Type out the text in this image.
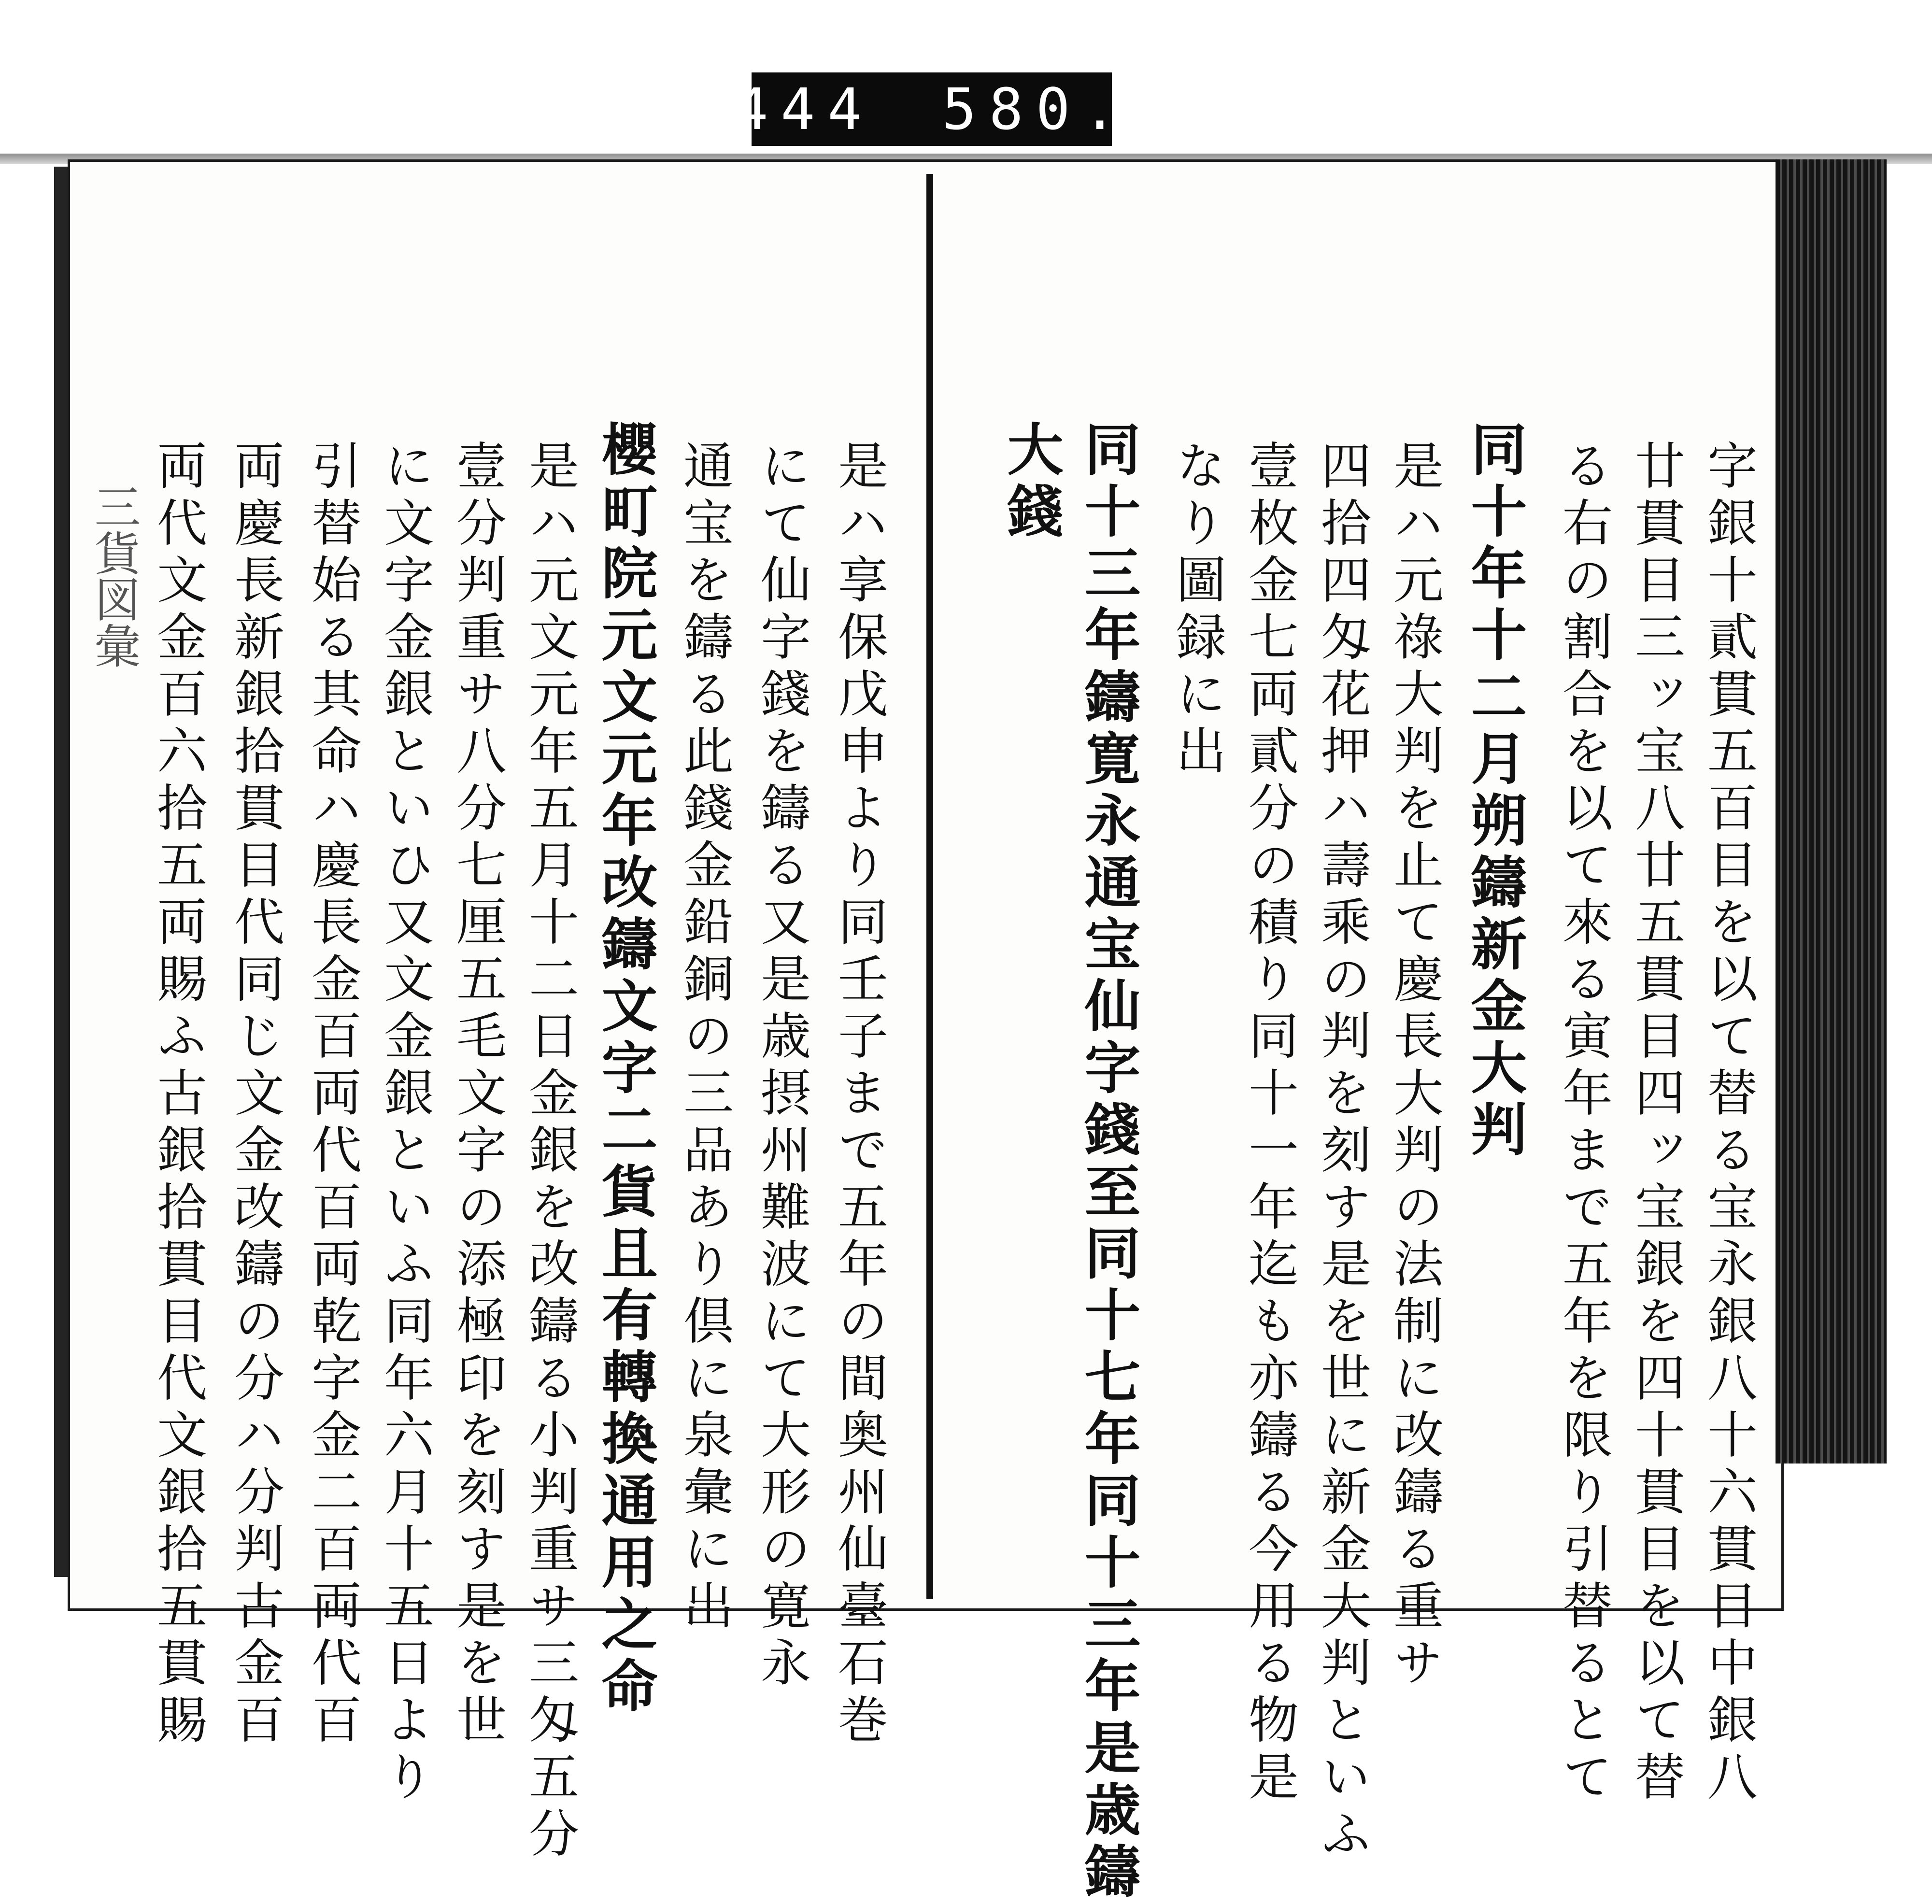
444 580.
字銀十貳貫五百目を以て替る宝永銀八十六貫目中銀八
廿貫目三ッ宝八廿五貫目四ッ宝銀を四十貫目を以て替
る右の割合を以て來る寅年まで五年を限り引替るとて
同十年十二月朔鑄新金大判
是ハ元祿大判を止て慶長大判の法制に改鑄る重サ
四拾四匁花押ハ壽乘の判を刻す是を世に新金大判といふ
壹枚金七両貳分の積り同十一年迄も亦鑄る今用る物是
なり圖録に出
同十三年鑄寛永通宝仙字錢至同十七年同十三年是歳鑄
大錢
是ハ享保戊申より同壬子まで五年の間奥州仙臺石巻
にて仙字錢を鑄る又是歳摂州難波にて大形の寛永
通宝を鑄る此錢金鉛銅の三品あり倶に泉彙に出
櫻町院元文元年改鑄文字二貨且有轉換通用之命
是ハ元文元年五月十二日金銀を改鑄る小判重サ三匁五分
壹分判重サ八分七厘五毛文字の添極印を刻す是を世
に文字金銀といひ又文金銀といふ同年六月十五日より
引替始る其命ハ慶長金百両代百両乾字金二百両代百
両慶長新銀拾貫目代同じ文金改鑄の分ハ分判古金百
両代文金百六拾五両賜ふ古銀拾貫目代文銀拾五貫賜
三貨図彙
